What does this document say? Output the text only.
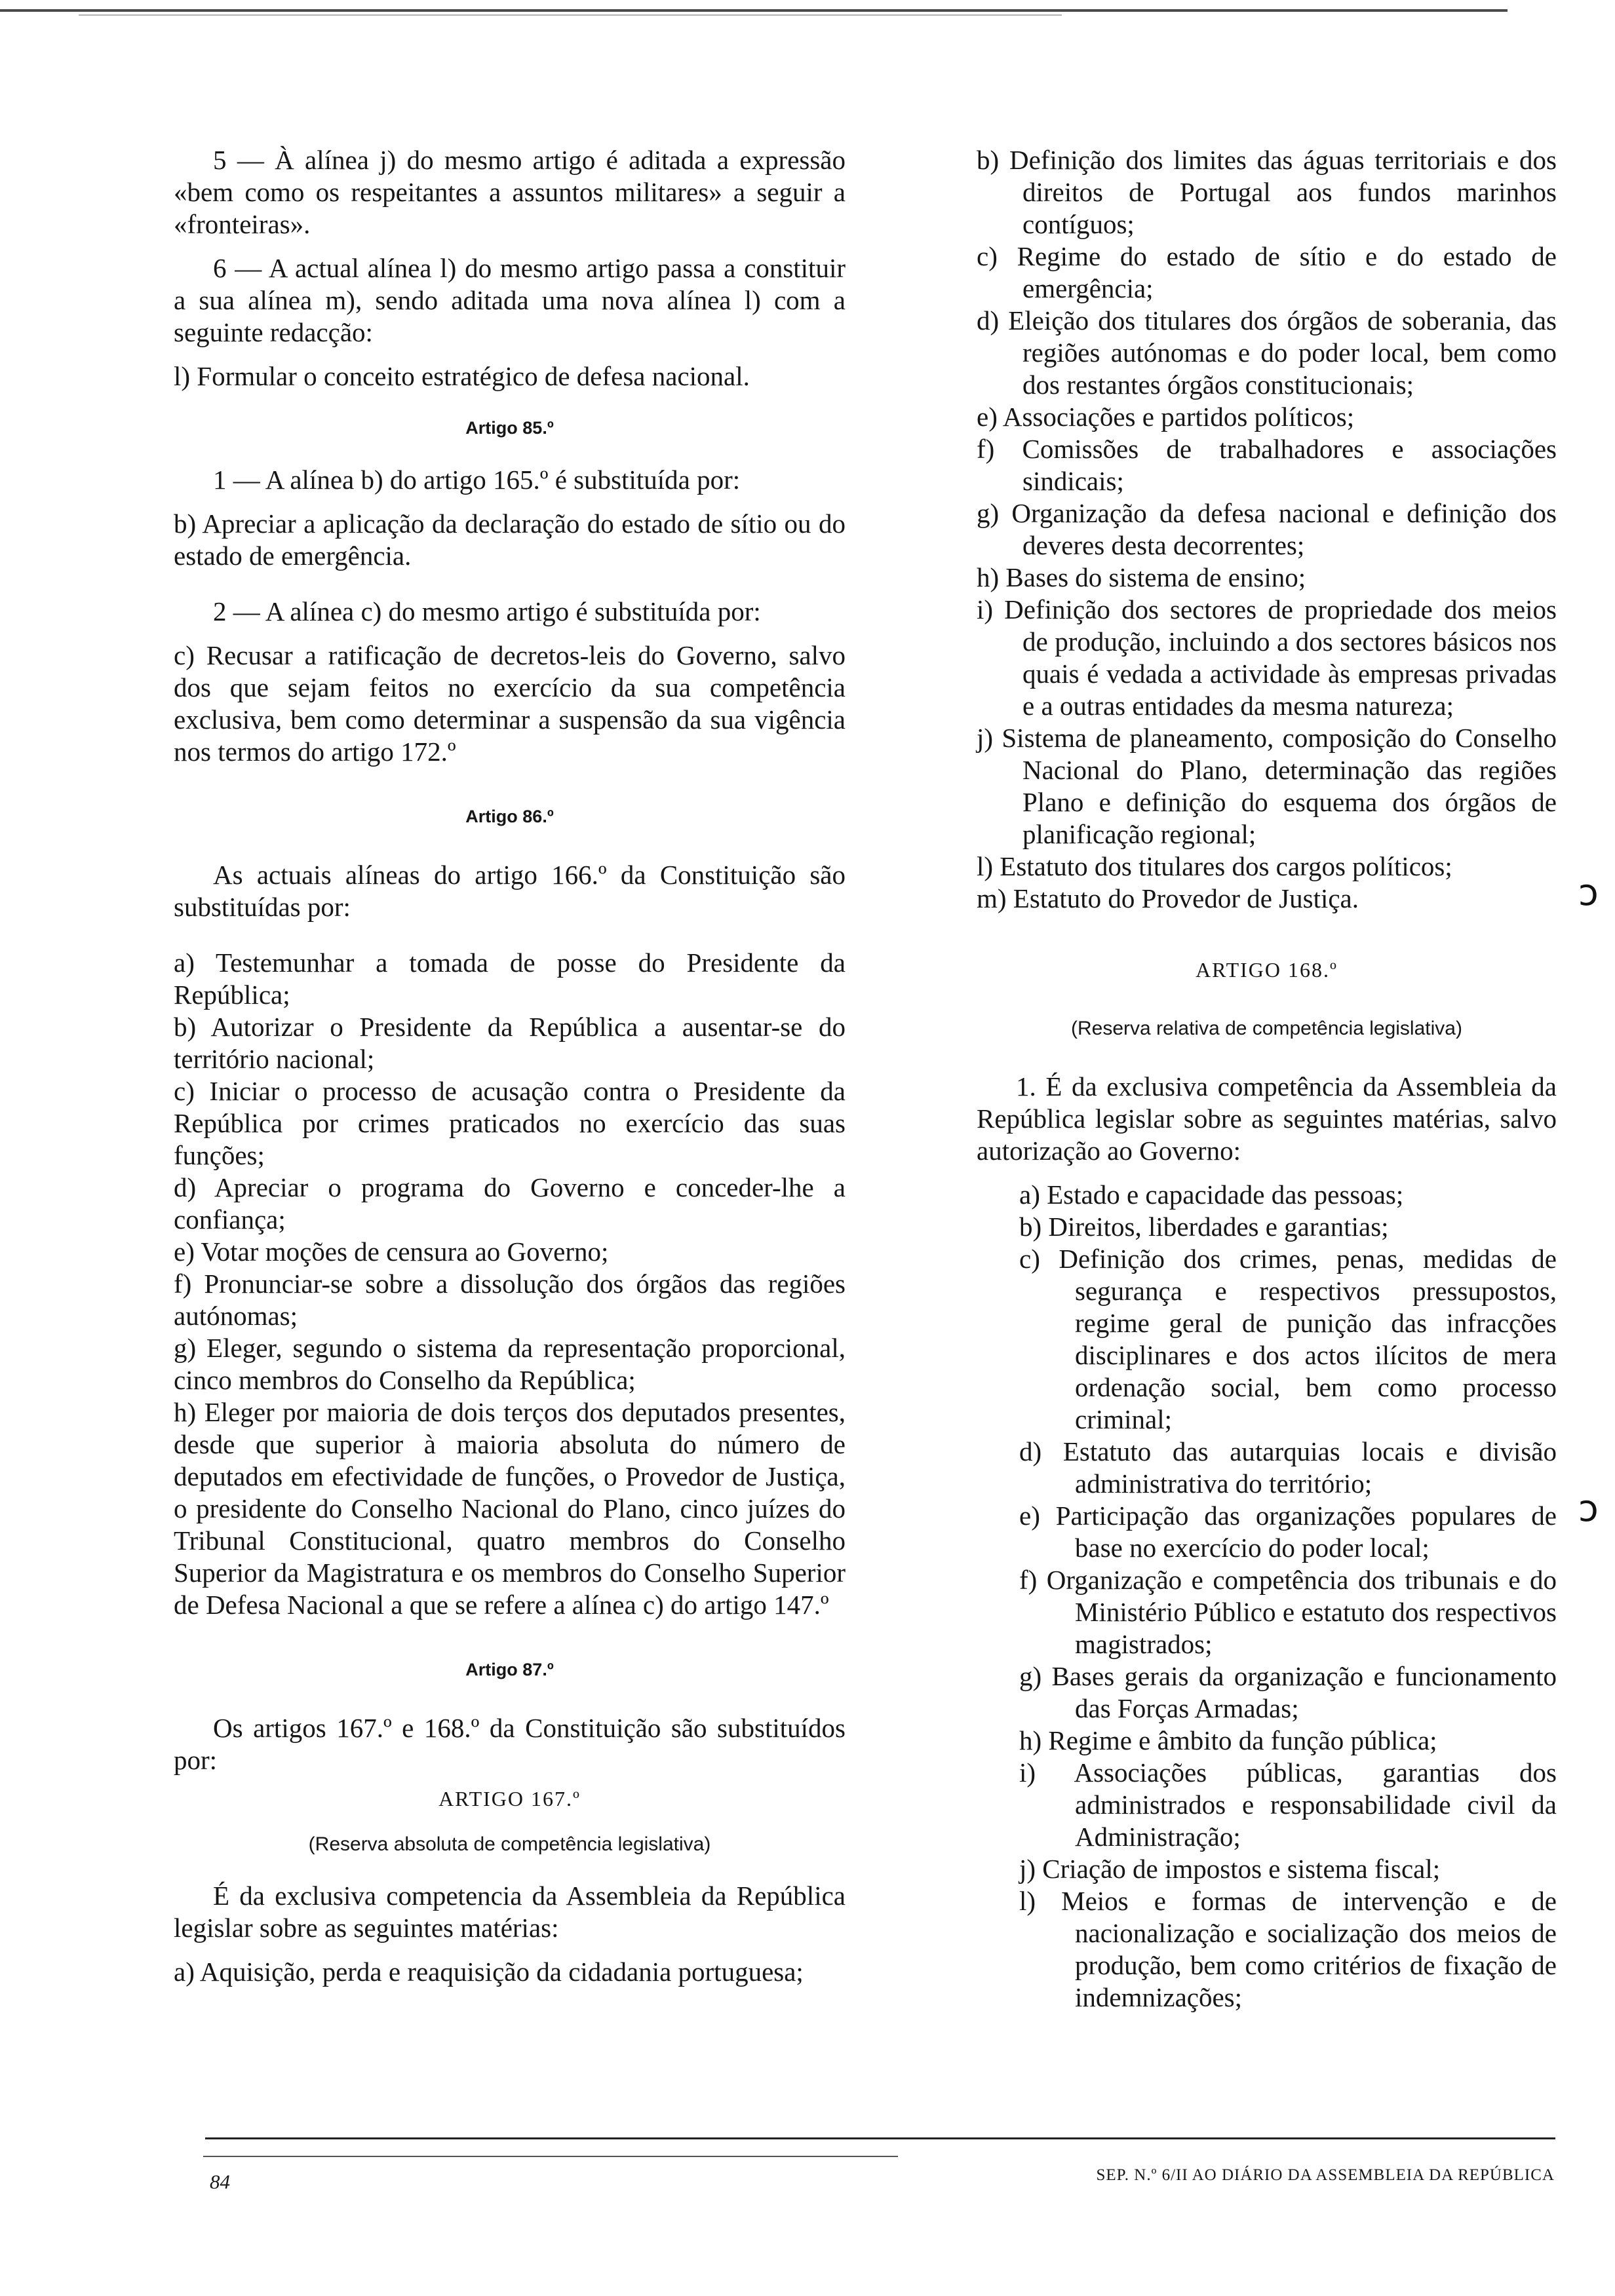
5 — À alínea j) do mesmo artigo é aditada a expressão «bem como os respeitantes a assuntos militares» a seguir a «fronteiras».

6 — A actual alínea l) do mesmo artigo passa a constituir a sua alínea m), sendo aditada uma nova alínea l) com a seguinte redacção:

l) Formular o conceito estratégico de defesa nacional.

Artigo 85.º

1 — A alínea b) do artigo 165.º é substituída por:

b) Apreciar a aplicação da declaração do estado de sítio ou do estado de emergência.

2 — A alínea c) do mesmo artigo é substituída por:

c) Recusar a ratificação de decretos-leis do Governo, salvo dos que sejam feitos no exercício da sua competência exclusiva, bem como determinar a suspensão da sua vigência nos termos do artigo 172.º

Artigo 86.º

As actuais alíneas do artigo 166.º da Constituição são substituídas por:

a) Testemunhar a tomada de posse do Presidente da República;

b) Autorizar o Presidente da República a ausentar-se do território nacional;

c) Iniciar o processo de acusação contra o Presidente da República por crimes praticados no exercício das suas funções;

d) Apreciar o programa do Governo e conceder-lhe a confiança;

e) Votar moções de censura ao Governo;

f) Pronunciar-se sobre a dissolução dos órgãos das regiões autónomas;

g) Eleger, segundo o sistema da representação proporcional, cinco membros do Conselho da República;

h) Eleger por maioria de dois terços dos deputados presentes, desde que superior à maioria absoluta do número de deputados em efectividade de funções, o Provedor de Justiça, o presidente do Conselho Nacional do Plano, cinco juízes do Tribunal Constitucional, quatro membros do Conselho Superior da Magistratura e os membros do Conselho Superior de Defesa Nacional a que se refere a alínea c) do artigo 147.º

Artigo 87.º

Os artigos 167.º e 168.º da Constituição são substituídos por:

ARTIGO 167.º
(Reserva absoluta de competência legislativa)

É da exclusiva competencia da Assembleia da República legislar sobre as seguintes matérias:

a) Aquisição, perda e reaquisição da cidadania portuguesa;

b) Definição dos limites das águas territoriais e dos direitos de Portugal aos fundos marinhos contíguos;

c) Regime do estado de sítio e do estado de emergência;

d) Eleição dos titulares dos órgãos de soberania, das regiões autónomas e do poder local, bem como dos restantes órgãos constitucionais;

e) Associações e partidos políticos;

f) Comissões de trabalhadores e associações sindicais;

g) Organização da defesa nacional e definição dos deveres desta decorrentes;

h) Bases do sistema de ensino;

i) Definição dos sectores de propriedade dos meios de produção, incluindo a dos sectores básicos nos quais é vedada a actividade às empresas privadas e a outras entidades da mesma natureza;

j) Sistema de planeamento, composição do Conselho Nacional do Plano, determinação das regiões Plano e definição do esquema dos órgãos de planificação regional;

l) Estatuto dos titulares dos cargos políticos;

m) Estatuto do Provedor de Justiça.

ARTIGO 168.º
(Reserva relativa de competência legislativa)

1. É da exclusiva competência da Assembleia da República legislar sobre as seguintes matérias, salvo autorização ao Governo:

a) Estado e capacidade das pessoas;

b) Direitos, liberdades e garantias;

c) Definição dos crimes, penas, medidas de segurança e respectivos pressupostos, regime geral de punição das infracções disciplinares e dos actos ilícitos de mera ordenação social, bem como processo criminal;

d) Estatuto das autarquias locais e divisão administrativa do território;

e) Participação das organizações populares de base no exercício do poder local;

f) Organização e competência dos tribunais e do Ministério Público e estatuto dos respectivos magistrados;

g) Bases gerais da organização e funcionamento das Forças Armadas;

h) Regime e âmbito da função pública;

i) Associações públicas, garantias dos administrados e responsabilidade civil da Administração;

j) Criação de impostos e sistema fiscal;

l) Meios e formas de intervenção e de nacionalização e socialização dos meios de produção, bem como critérios de fixação de indemnizações;

ↄ
ↄ
84	SEP. N.º 6/II AO DIÁRIO DA ASSEMBLEIA DA REPÚBLICA
